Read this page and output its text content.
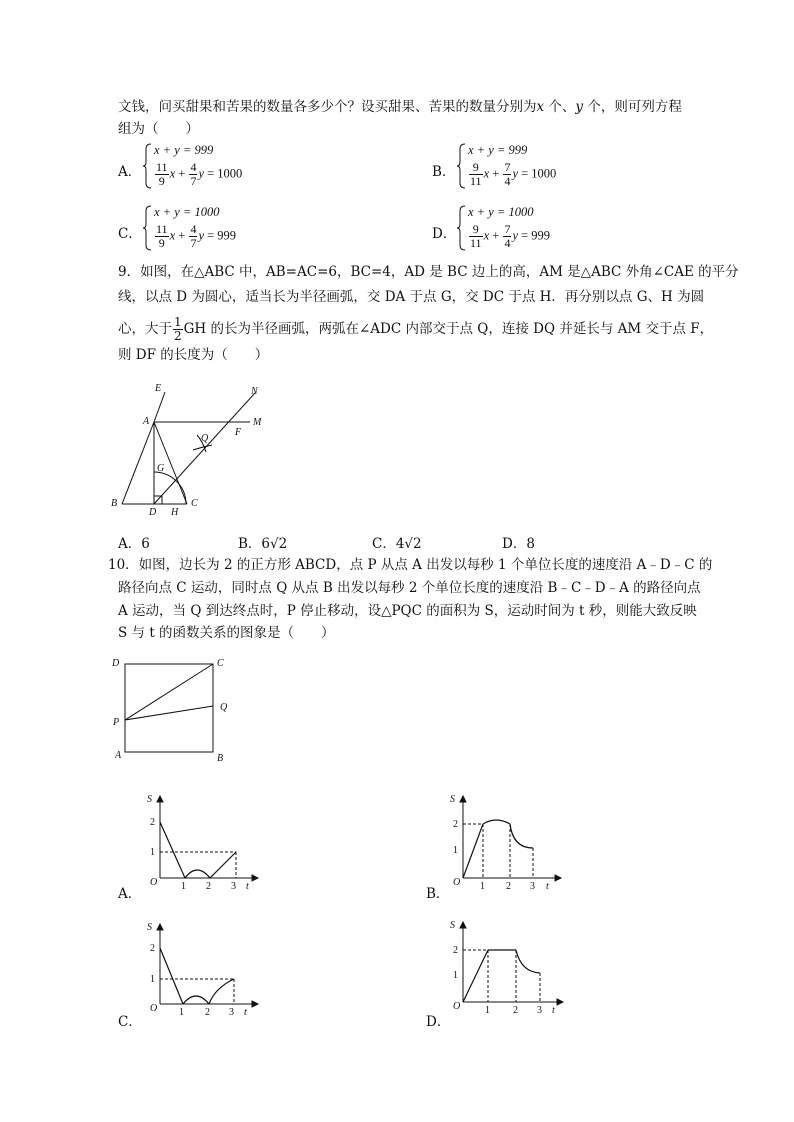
文钱，问买甜果和苦果的数量各多少个？设买甜果、苦果的数量分别为x 个、y 个，则可列方程
组为（　　）
A．
x + y = 999
$\frac{11}{9}$ $x + \frac{4}{7}$ y = 1000	B．
x + y = 999
$\frac{9}{11}$ $x + \frac{7}{4}$ y = 1000
C．
x + y = 1000
$\frac{11}{9}$ $x + \frac{4}{7}$ y = 999	D．
x + y = 1000
$\frac{9}{11}$ $x + \frac{7}{4}$ y = 999
9．如图，在△ABC 中，AB=AC=6，BC=4，AD 是 BC 边上的高，AM 是△ABC 外角∠CAE 的平分
线，以点 D 为圆心，适当长为半径画弧，交 DA 于点 G，交 DC 于点 H．再分别以点 G、H 为圆
心，大于 $\frac{1}{2}$ GH 的长为半径画弧，两弧在∠ADC 内部交于点 Q，连接 DQ 并延长与 AM 交于点 F，
则 DF 的长度为（　　）
E	N
A	M
F
Q
G
B
D H
C
A．6	B．6√2	C．4√2	D．8
10．如图，边长为 2 的正方形 ABCD，点 P 从点 A 出发以每秒 1 个单位长度的速度沿 A﹣D﹣C 的
路径向点 C 运动，同时点 Q 从点 B 出发以每秒 2 个单位长度的速度沿 B﹣C﹣D﹣A 的路径向点
A 运动，当 Q 到达终点时，P 停止移动，设△PQC 的面积为 S，运动时间为 t 秒，则能大致反映
S 与 t 的函数关系的图象是（　　）
D	C
P
Q
A	B
A．
S
2
1
O 1 2 3 t	B．
S
2
1
O 1 2 3 t
C．
S
2
1
O 1 2 3 t
D．
S
2
1
O 1 2 3 t
